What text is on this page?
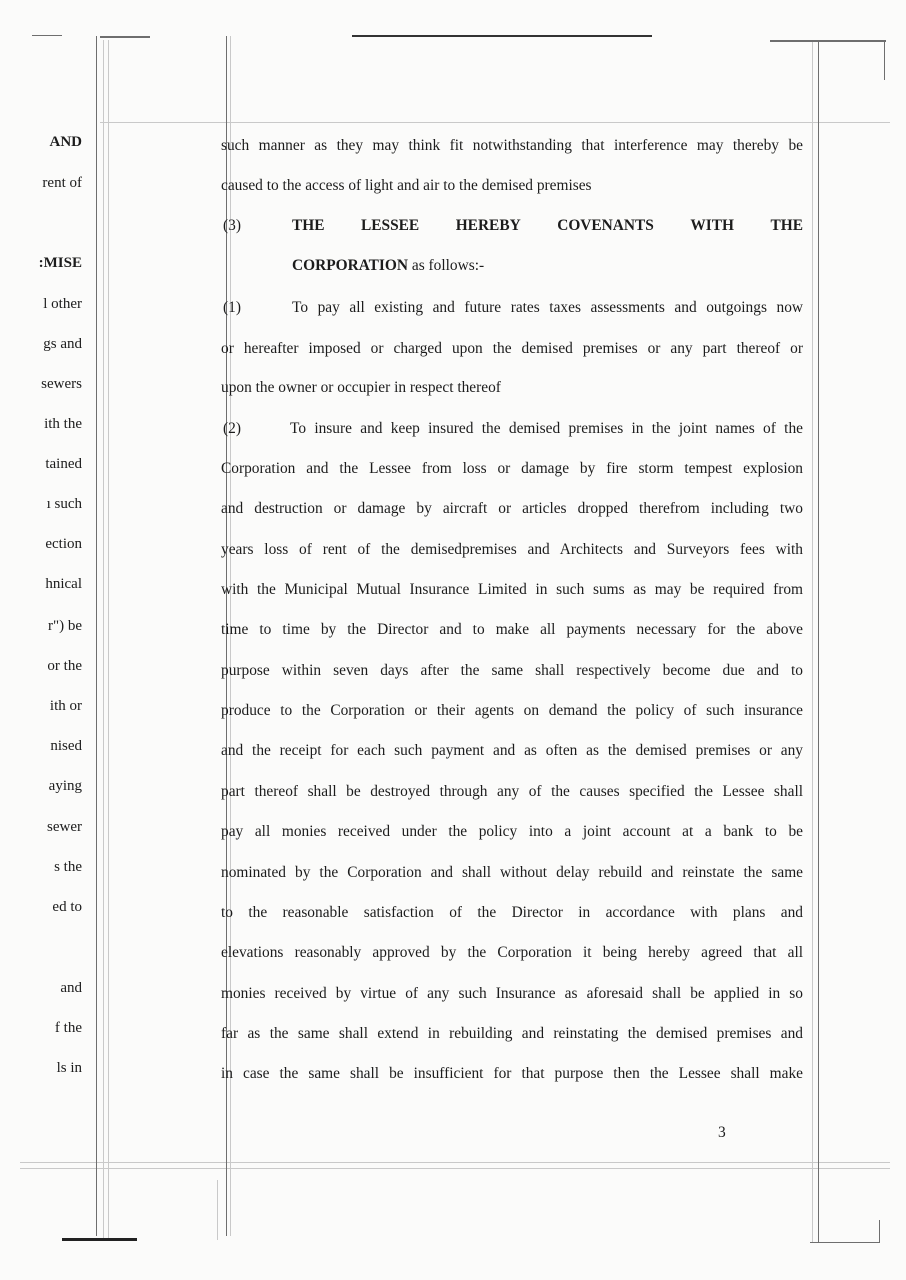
AND
rent of
:MISE
l other
gs and
sewers
ith the
tained
ı such
ection
hnical
r") be
or the
ith or
nised
aying
sewer
s the
ed to
and
f the
ls in
such manner as they may think fit notwithstanding that interference may thereby be
caused to the access of light and air to the demised premises
(3)	THE LESSEE HEREBY COVENANTS WITH THE
CORPORATION as follows:-
(1)	To pay all existing and future rates taxes assessments and outgoings now
or hereafter imposed or charged upon the demised premises or any part thereof or
upon the owner or occupier in respect thereof
(2)	To insure and keep insured the demised premises in the joint names of the
Corporation and the Lessee from loss or damage by fire storm tempest explosion
and destruction or damage by aircraft or articles dropped therefrom including two
years loss of rent of the demisedpremises and Architects and Surveyors fees with
with the Municipal Mutual Insurance Limited in such sums as may be required from
time to time by the Director and to make all payments necessary for the above
purpose within seven days after the same shall respectively become due and to
produce to the Corporation or their agents on demand the policy of such insurance
and the receipt for each such payment and as often as the demised premises or any
part thereof shall be destroyed through any of the causes specified the Lessee shall
pay all monies received under the policy into a joint account at a bank to be
nominated by the Corporation and shall without delay rebuild and reinstate the same
to the reasonable satisfaction of the Director in accordance with plans and
elevations reasonably approved by the Corporation it being hereby agreed that all
monies received by virtue of any such Insurance as aforesaid shall be applied in so
far as the same shall extend in rebuilding and reinstating the demised premises and
in case the same shall be insufficient for that purpose then the Lessee shall make
3
